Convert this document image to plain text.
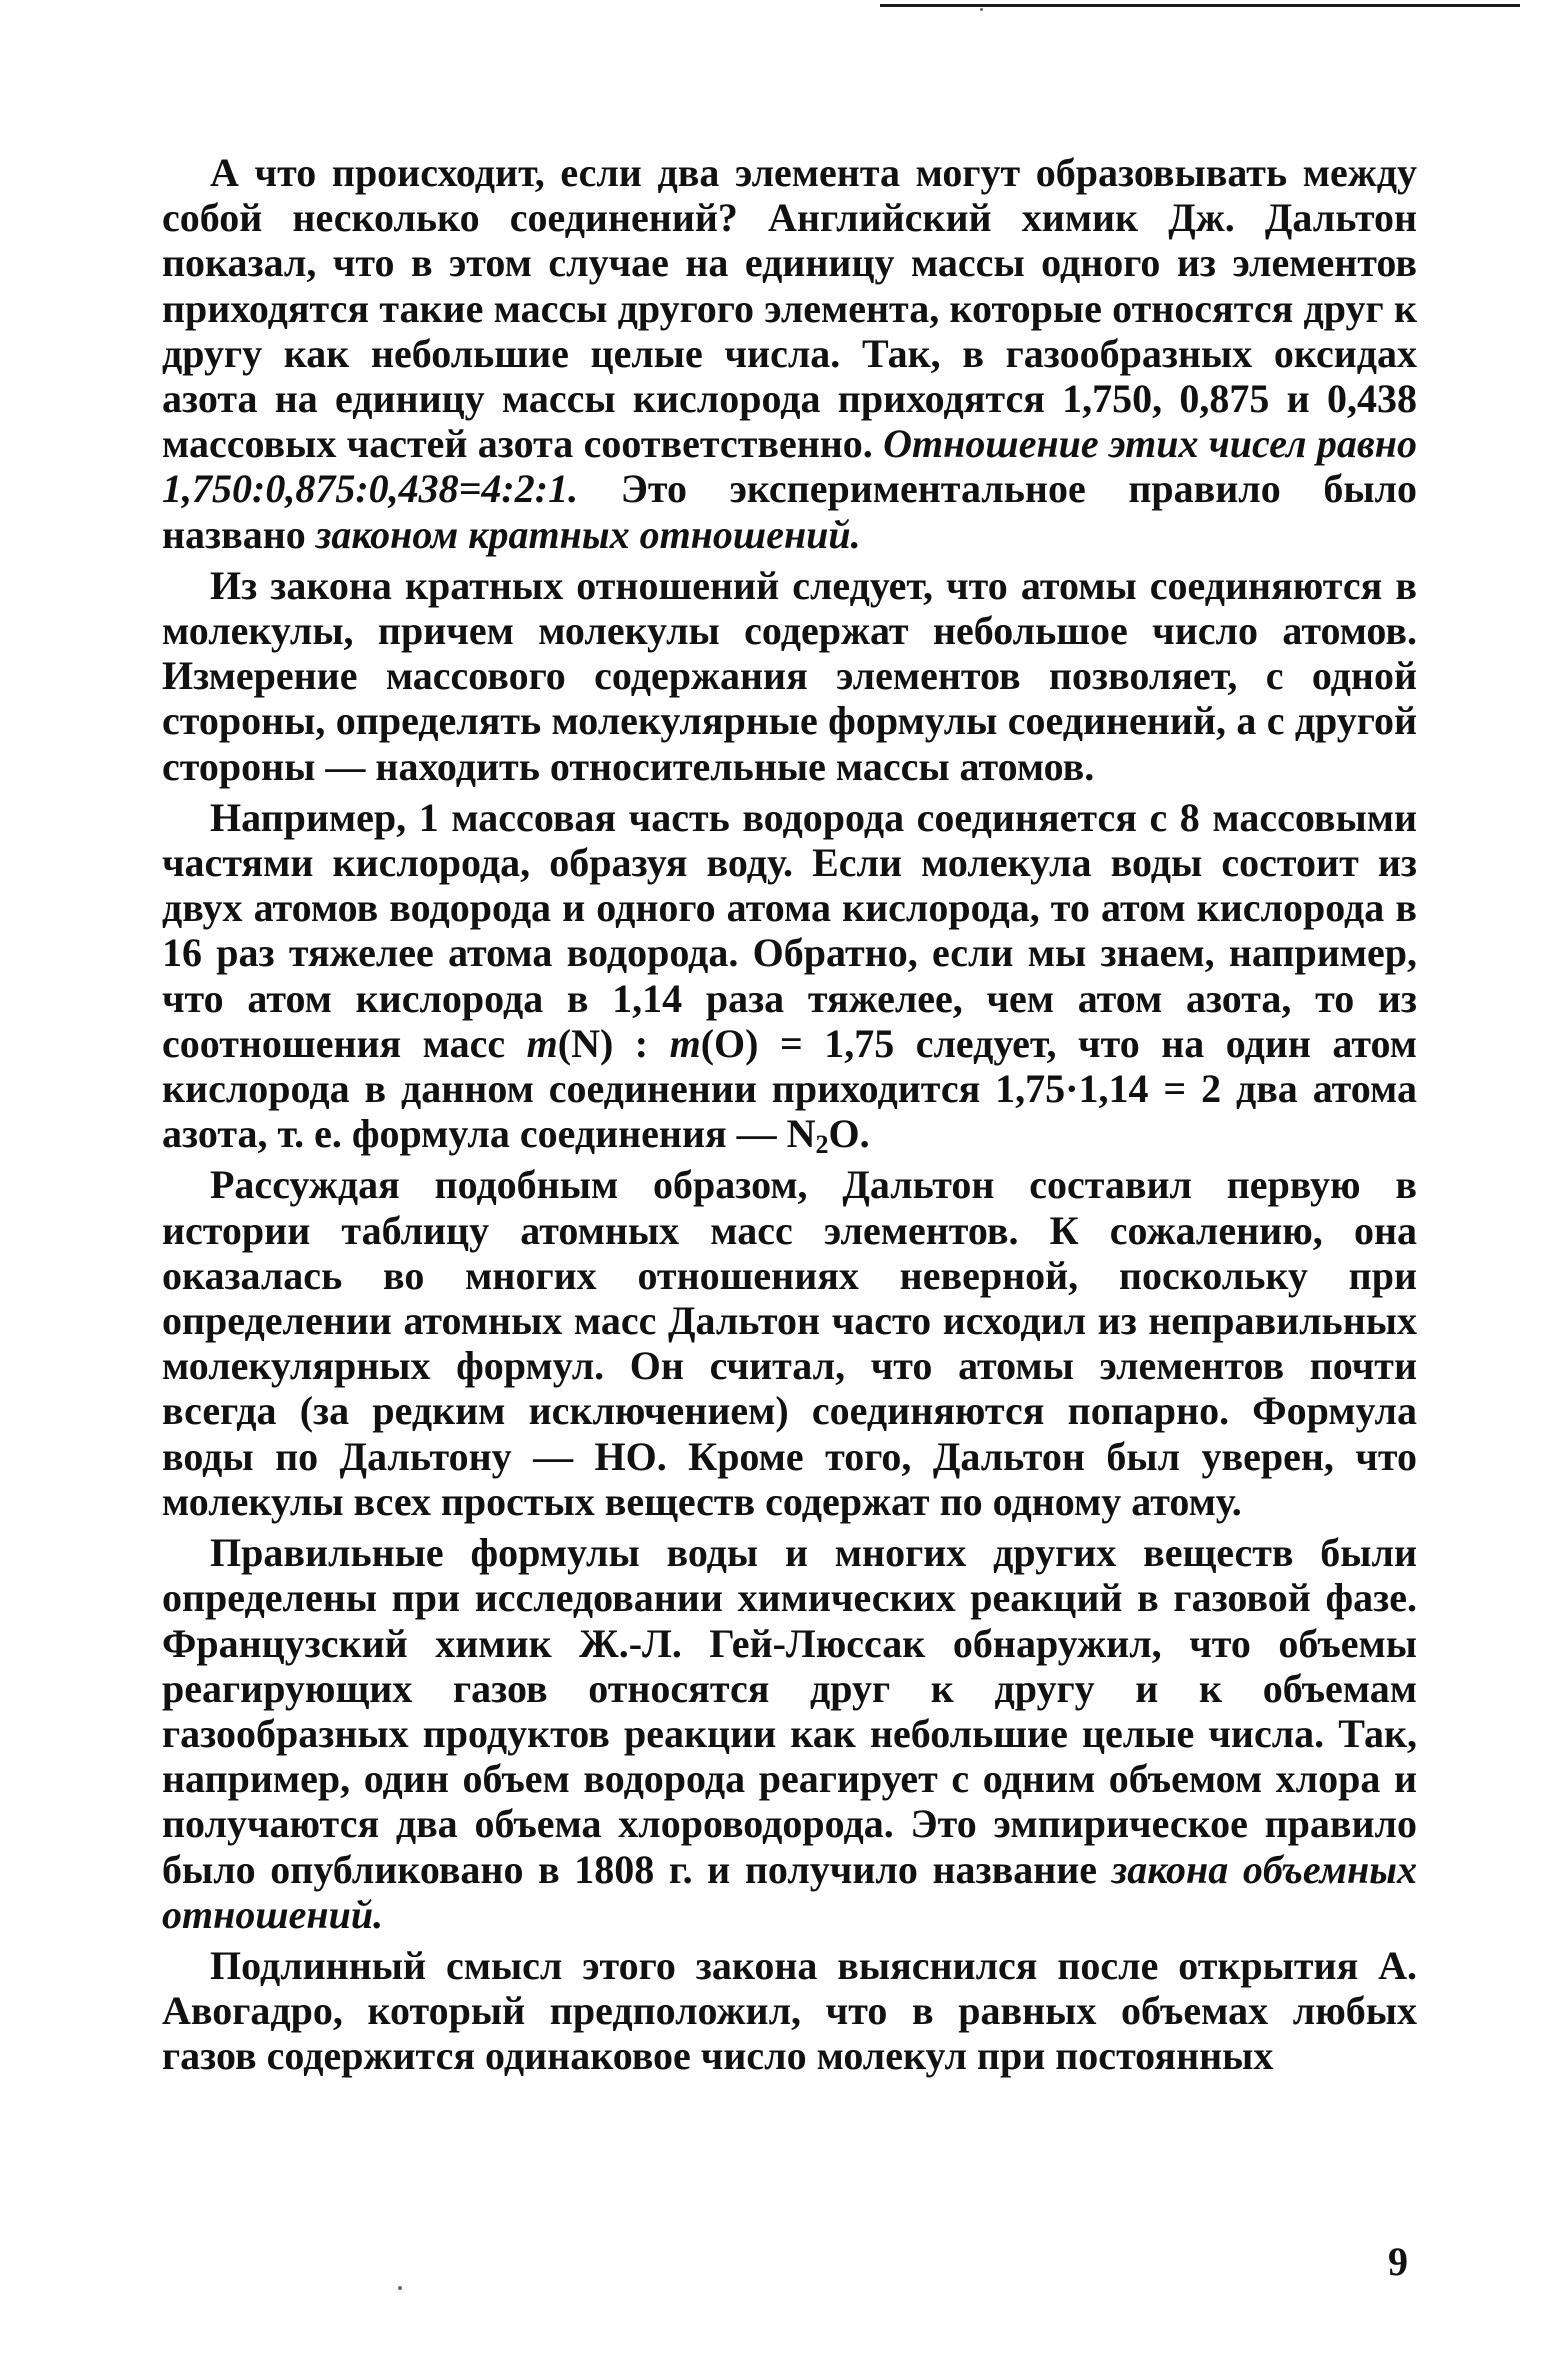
А что происходит, если два элемента могут образовывать между собой несколько соединений? Английский химик Дж. Дальтон показал, что в этом случае на единицу массы одного из элементов приходятся такие массы другого элемента, которые относятся друг к другу как небольшие целые числа. Так, в газообразных оксидах азота на единицу массы кислорода приходятся 1,750, 0,875 и 0,438 массовых частей азота соответственно. Отношение этих чисел равно 1,750:0,875:0,438=4:2:1. Это экспериментальное правило было названо законом кратных отношений.

Из закона кратных отношений следует, что атомы соединяются в молекулы, причем молекулы содержат небольшое число атомов. Измерение массового содержания элементов позволяет, с одной стороны, определять молекулярные формулы соединений, а с другой стороны — находить относительные массы атомов.

Например, 1 массовая часть водорода соединяется с 8 массовыми частями кислорода, образуя воду. Если молекула воды состоит из двух атомов водорода и одного атома кислорода, то атом кислорода в 16 раз тяжелее атома водорода. Обратно, если мы знаем, например, что атом кислорода в 1,14 раза тяжелее, чем атом азота, то из соотношения масс m(N) : m(O) = 1,75 следует, что на один атом кислорода в данном соединении приходится 1,75·1,14 = 2 два атома азота, т. е. формула соединения — $N_2O$.

Рассуждая подобным образом, Дальтон составил первую в истории таблицу атомных масс элементов. К сожалению, она оказалась во многих отношениях неверной, поскольку при определении атомных масс Дальтон часто исходил из неправильных молекулярных формул. Он считал, что атомы элементов почти всегда (за редким исключением) соединяются попарно. Формула воды по Дальтону — HO. Кроме того, Дальтон был уверен, что молекулы всех простых веществ содержат по одному атому.

Правильные формулы воды и многих других веществ были определены при исследовании химических реакций в газовой фазе. Французский химик Ж.-Л. Гей-Люссак обнаружил, что объемы реагирующих газов относятся друг к другу и к объемам газообразных продуктов реакции как небольшие целые числа. Так, например, один объем водорода реагирует с одним объемом хлора и получаются два объема хлороводорода. Это эмпирическое правило было опубликовано в 1808 г. и получило название закона объемных отношений.

Подлинный смысл этого закона выяснился после открытия А. Авогадро, который предположил, что в равных объемах любых газов содержится одинаковое число молекул при постоянных

9
